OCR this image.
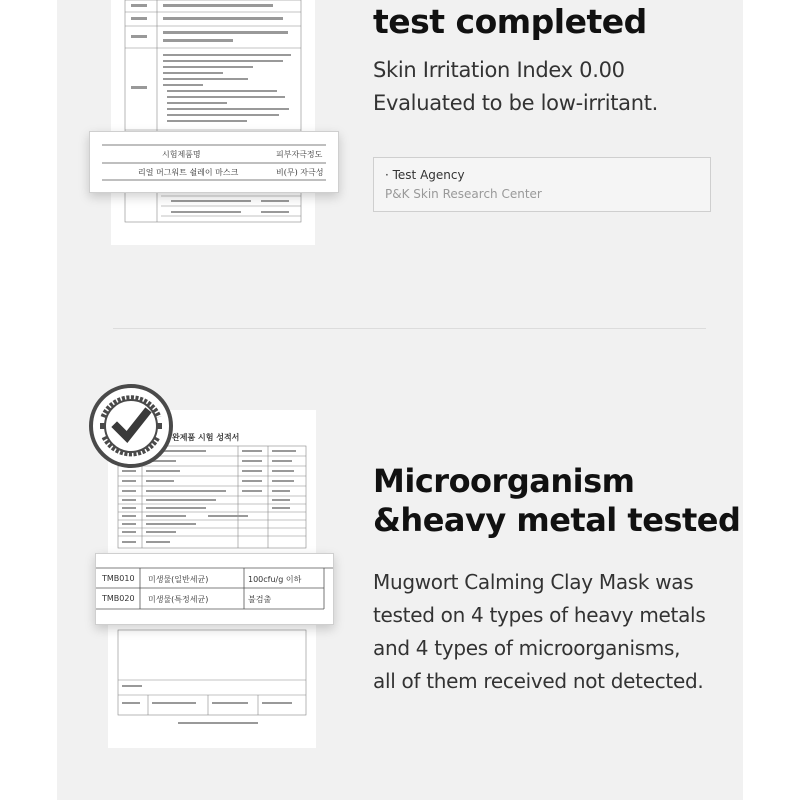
시험제품명	피부자극정도
리얼 머그워트 쉴레이 마스크	비(무) 자극성
test completed
Skin Irritation Index 0.00
Evaluated to be low-irritant.
· Test Agency
P&K Skin Research Center
완제품 시험 성적서
TMB010 미생물(일반세균)	100cfu/g 이하
TMB020 미생물(특정세균)	불검출
Microorganism
&heavy metal tested
Mugwort Calming Clay Mask was
tested on 4 types of heavy metals
and 4 types of microorganisms,
all of them received not detected.
